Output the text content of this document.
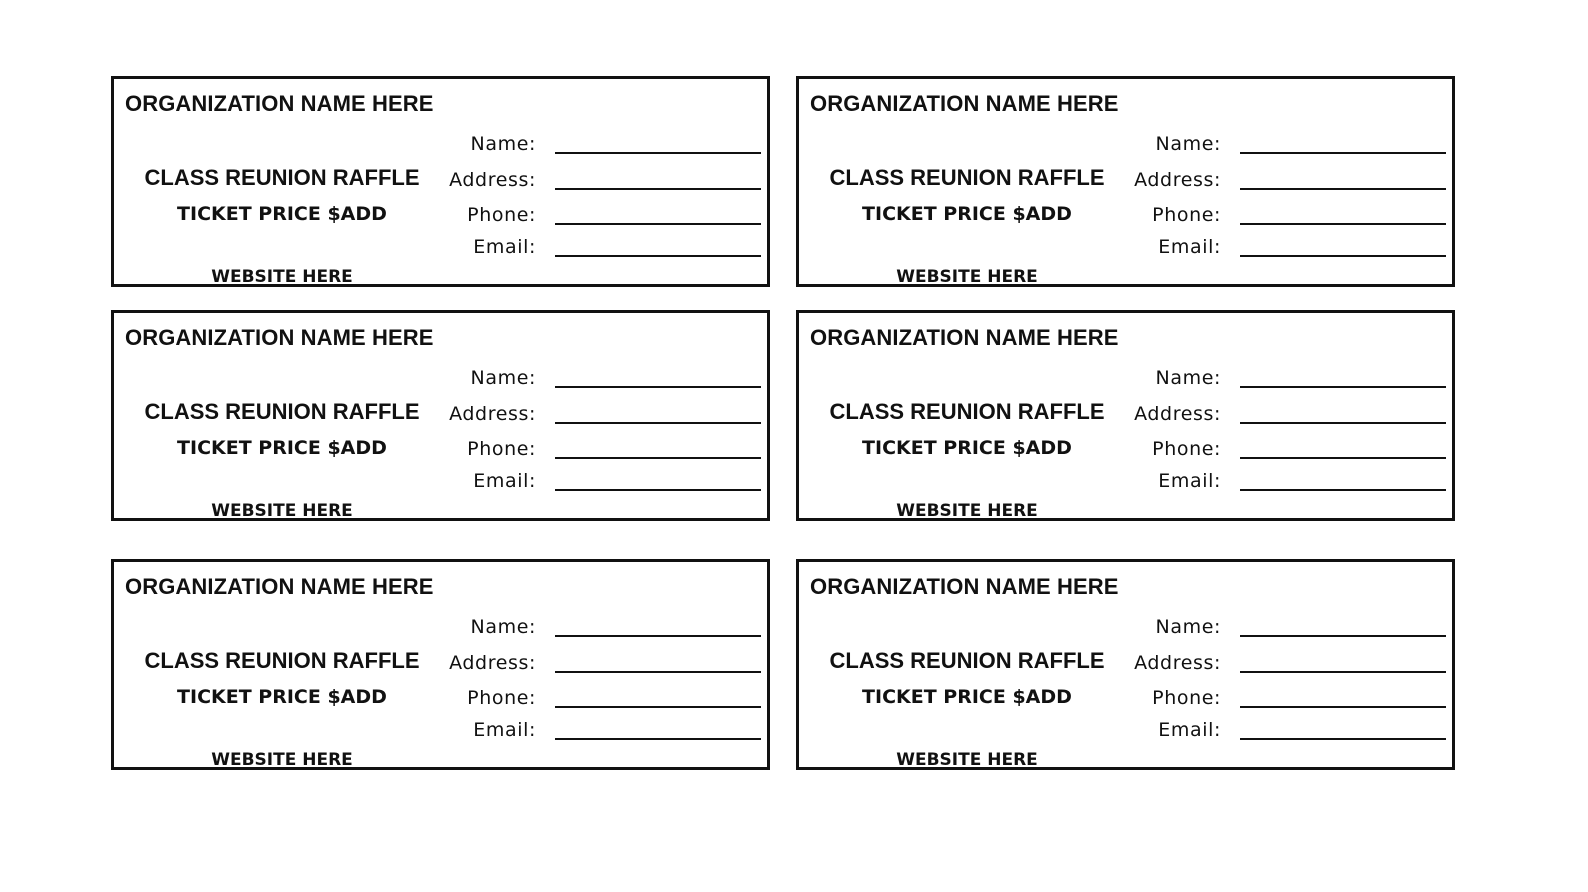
ORGANIZATION NAME HERE
CLASS REUNION RAFFLE
TICKET PRICE $ADD
WEBSITE HERE
Name:
Address:
Phone:
Email:
ORGANIZATION NAME HERE
CLASS REUNION RAFFLE
TICKET PRICE $ADD
WEBSITE HERE
Name:
Address:
Phone:
Email:
ORGANIZATION NAME HERE
CLASS REUNION RAFFLE
TICKET PRICE $ADD
WEBSITE HERE
Name:
Address:
Phone:
Email:
ORGANIZATION NAME HERE
CLASS REUNION RAFFLE
TICKET PRICE $ADD
WEBSITE HERE
Name:
Address:
Phone:
Email:
ORGANIZATION NAME HERE
CLASS REUNION RAFFLE
TICKET PRICE $ADD
WEBSITE HERE
Name:
Address:
Phone:
Email:
ORGANIZATION NAME HERE
CLASS REUNION RAFFLE
TICKET PRICE $ADD
WEBSITE HERE
Name:
Address:
Phone:
Email:
